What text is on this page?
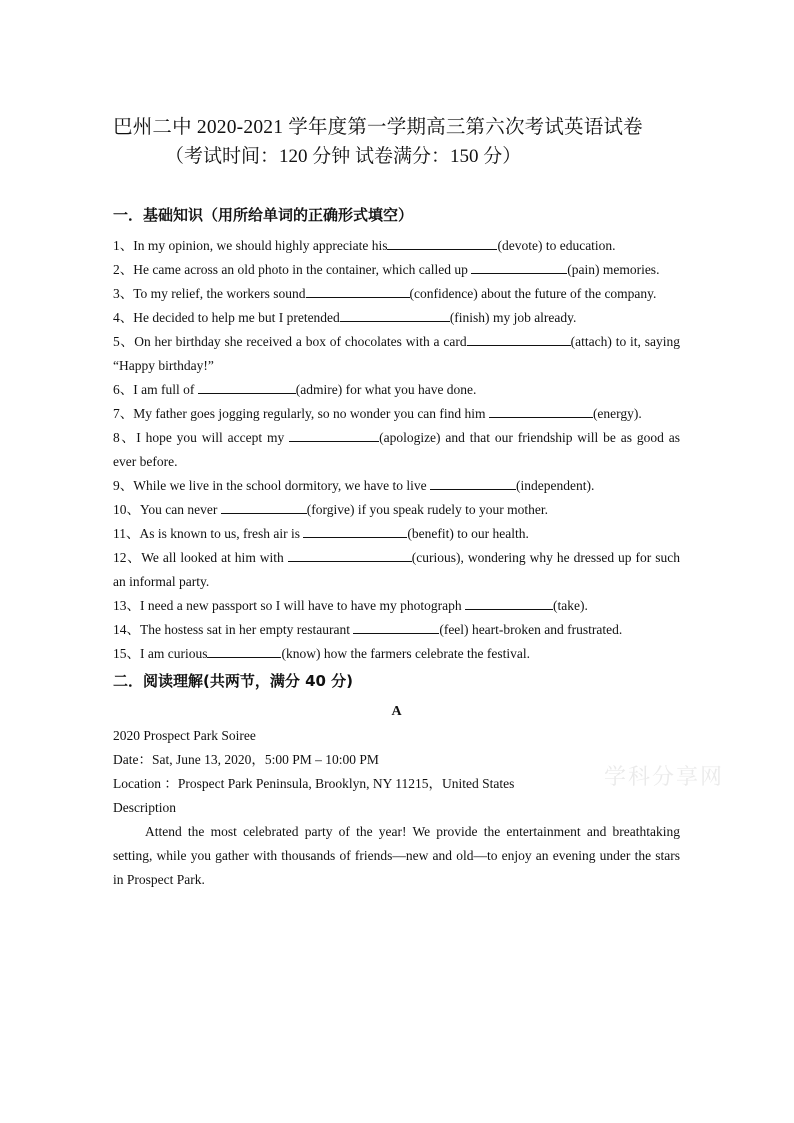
巴州二中 2020-2021 学年度第一学期高三第六次考试英语试卷
（考试时间：120 分钟 试卷满分：150 分）
一．基础知识（用所给单词的正确形式填空）
1、In my opinion, we should highly appreciate his	(devote) to education.
2、He came across an old photo in the container, which called up	(pain) memories.
3、To my relief, the workers sound	(confidence) about the future of the company.
4、He decided to help me but I pretended	(finish) my job already.
5、On her birthday she received a box of chocolates with a card	(attach) to it, saying “Happy birthday!”
6、I am full of	(admire) for what you have done.
7、My father goes jogging regularly, so no wonder you can find him	(energy).
8、I hope you will accept my	(apologize) and that our friendship will be as good as ever before.
9、While we live in the school dormitory, we have to live	(independent).
10、You can never	(forgive) if you speak rudely to your mother.
11、As is known to us, fresh air is	(benefit) to our health.
12、We all looked at him with	(curious), wondering why he dressed up for such an informal party.
13、I need a new passport so I will have to have my photograph	(take).
14、The hostess sat in her empty restaurant	(feel) heart-broken and frustrated.
15、I am curious	(know) how the farmers celebrate the festival.
二．阅读理解(共两节，满分 40 分)
A
2020 Prospect Park Soiree
Date：Sat, June 13, 2020，5:00 PM – 10:00 PM
Location ：Prospect Park Peninsula, Brooklyn, NY 11215，United States
Description
Attend the most celebrated party of the year! We provide the entertainment and breathtaking setting, while you gather with thousands of friends—new and old—to enjoy an evening under the stars in Prospect Park.
学科分享网
